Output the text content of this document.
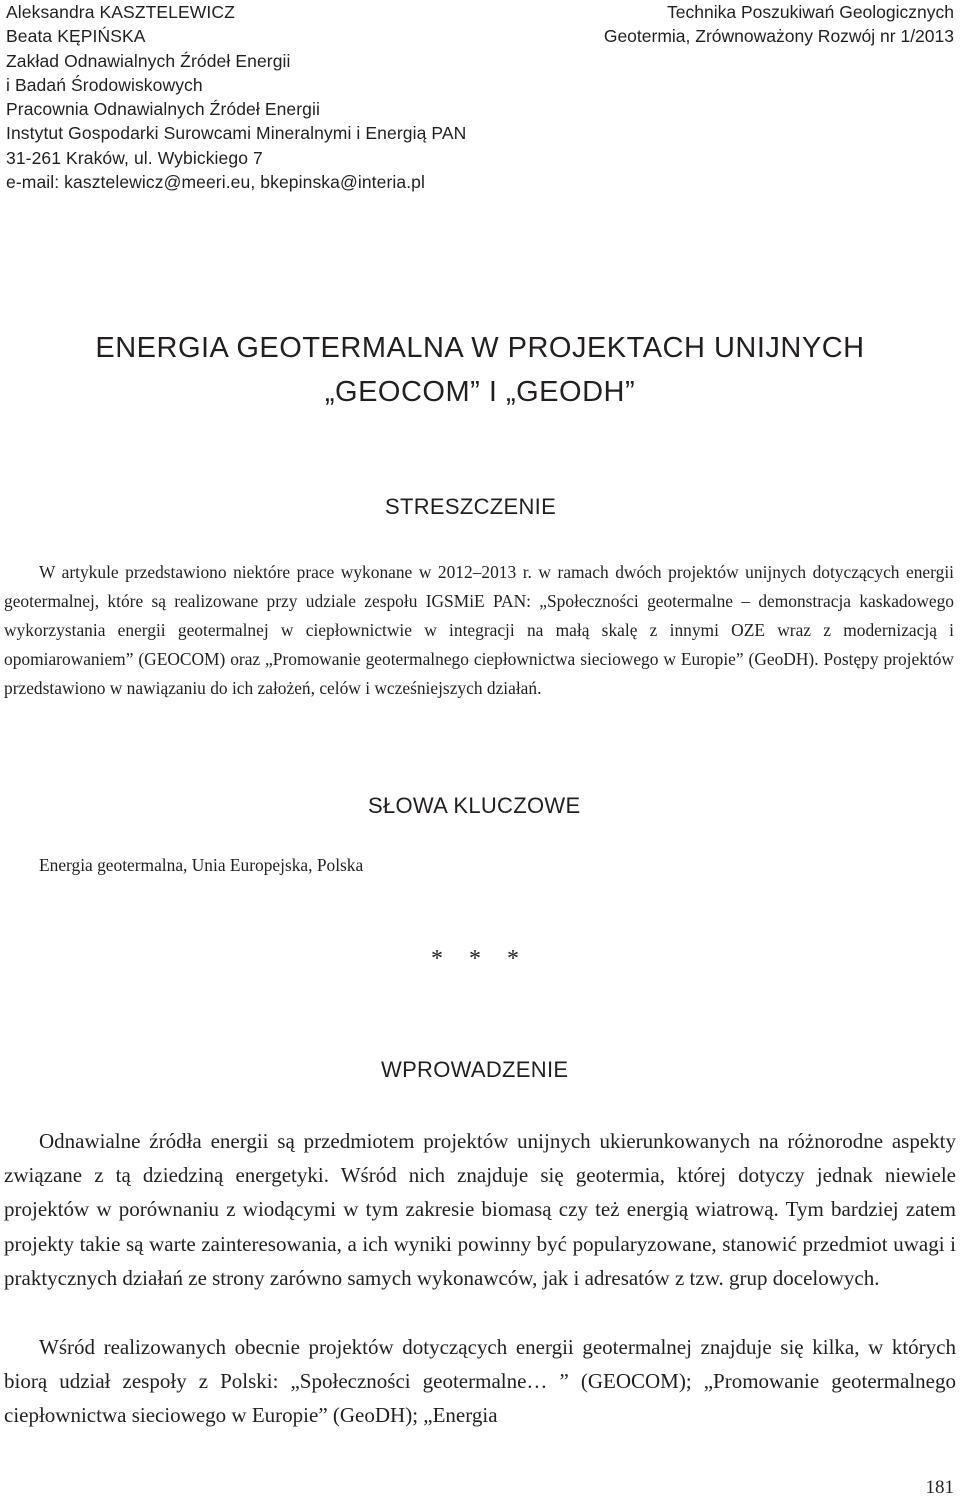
Aleksandra KASZTELEWICZ
Beata KĘPIŃSKA
Zakład Odnawialnych Źródeł Energii
i Badań Środowiskowych
Pracownia Odnawialnych Źródeł Energii
Instytut Gospodarki Surowcami Mineralnymi i Energią PAN
31-261 Kraków, ul. Wybickiego 7
e-mail: kasztelewicz@meeri.eu, bkepinska@interia.pl
Technika Poszukiwań Geologicznych
Geotermia, Zrównoważony Rozwój nr 1/2013
ENERGIA GEOTERMALNA W PROJEKTACH UNIJNYCH
„GEOCOM” I „GEODH”
STRESZCZENIE

W artykule przedstawiono niektóre prace wykonane w 2012–2013 r. w ramach dwóch projektów unijnych dotyczących energii geotermalnej, które są realizowane przy udziale zespołu IGSMiE PAN: „Społeczności geotermalne – demonstracja kaskadowego wykorzystania energii geotermalnej w ciepłownictwie w integracji na małą skalę z innymi OZE wraz z modernizacją i opomiarowaniem” (GEOCOM) oraz „Promowanie geotermalnego ciepłownictwa sieciowego w Europie” (GeoDH). Postępy projektów przedstawiono w nawiązaniu do ich założeń, celów i wcześniejszych działań.

SŁOWA KLUCZOWE
Energia geotermalna, Unia Europejska, Polska
* * *
WPROWADZENIE

Odnawialne źródła energii są przedmiotem projektów unijnych ukierunkowanych na różnorodne aspekty związane z tą dziedziną energetyki. Wśród nich znajduje się geotermia, której dotyczy jednak niewiele projektów w porównaniu z wiodącymi w tym zakresie biomasą czy też energią wiatrową. Tym bardziej zatem projekty takie są warte zainteresowania, a ich wyniki powinny być popularyzowane, stanowić przedmiot uwagi i praktycznych działań ze strony zarówno samych wykonawców, jak i adresatów z tzw. grup docelowych.

Wśród realizowanych obecnie projektów dotyczących energii geotermalnej znajduje się kilka, w których biorą udział zespoły z Polski: „Społeczności geotermalne… ” (GEOCOM); „Promowanie geotermalnego ciepłownictwa sieciowego w Europie” (GeoDH); „Energia

181
